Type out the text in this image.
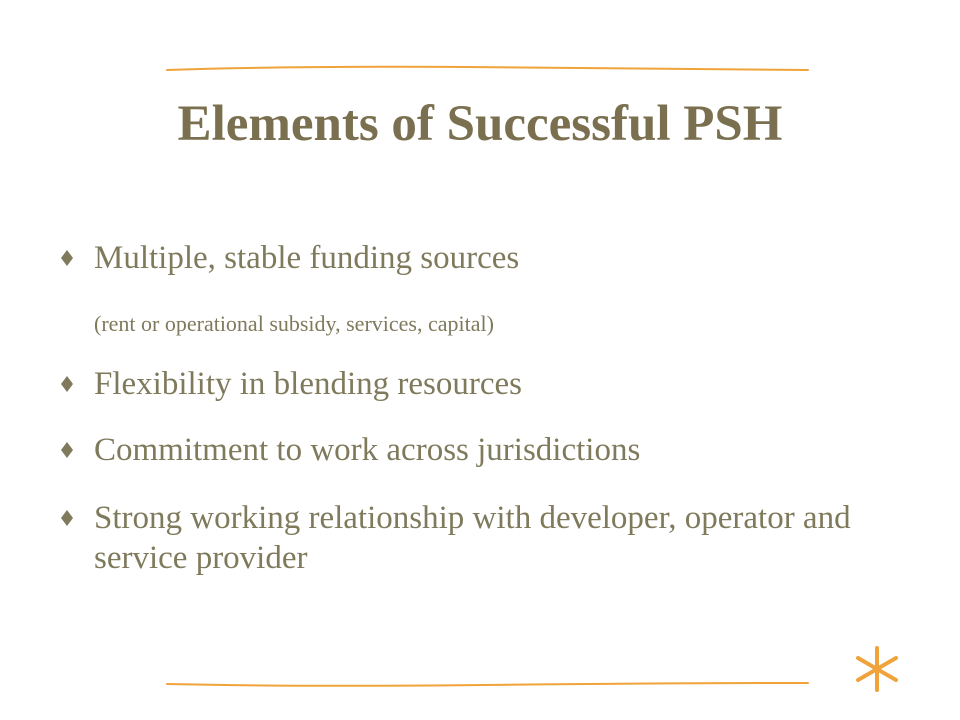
Elements of Successful PSH
Multiple, stable funding sources
Flexibility in blending resources
Commitment to work across jurisdictions
Strong working relationship with developer, operator and service provider
(rent or operational subsidy, services, capital)
